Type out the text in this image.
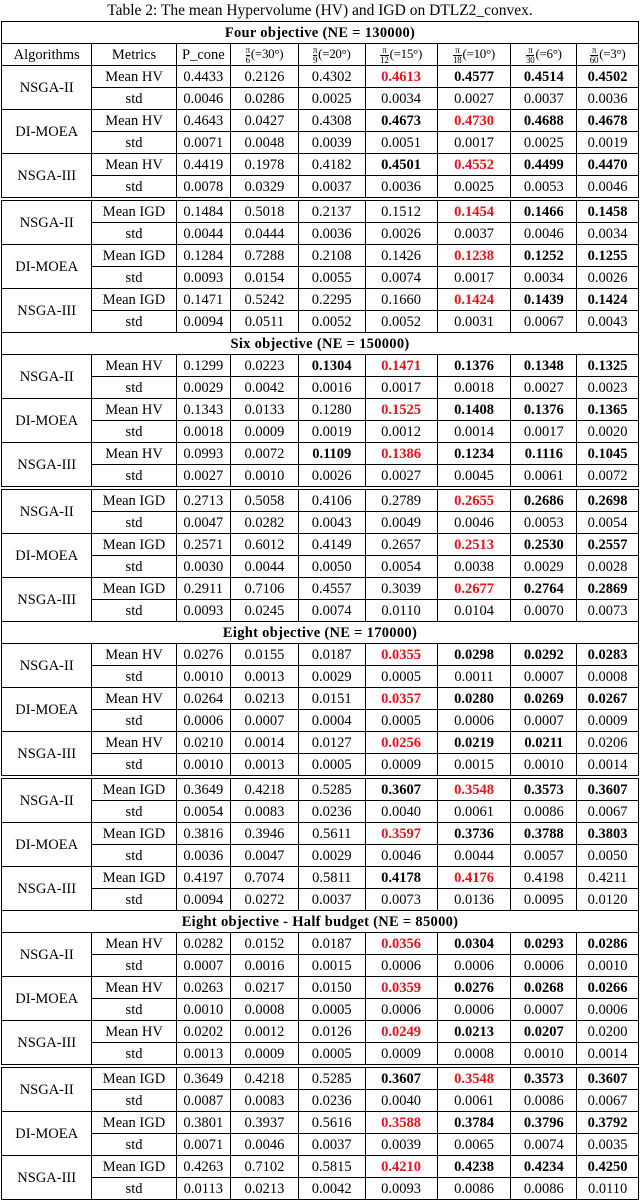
Table 2: The mean Hypervolume (HV) and IGD on DTLZ2_convex.
Four objective (NE = 130000)								
Algorithms	Metrics	P_cone	$\frac{\pi}{6} (=30^\circ)$	$\frac{\pi}{9} (=20^\circ)$	$\frac{\pi}{12} (=15^\circ)$	$\frac{\pi}{18} (=10^\circ)$	$\frac{\pi}{30} (=6^\circ)$	$\frac{\pi}{60} (=3^\circ)$
NSGA-II	Mean HV	0.4433	0.2126	0.4302	0.4613	0.4577	0.4514	0.4502
	std	0.0046	0.0286	0.0025	0.0034	0.0027	0.0037	0.0036
DI-MOEA	Mean HV	0.4643	0.0427	0.4308	0.4673	0.4730	0.4688	0.4678
	std	0.0071	0.0048	0.0039	0.0051	0.0017	0.0025	0.0019
NSGA-III	Mean HV	0.4419	0.1978	0.4182	0.4501	0.4552	0.4499	0.4470
	std	0.0078	0.0329	0.0037	0.0036	0.0025	0.0053	0.0046

NSGA-II	Mean IGD	0.1484	0.5018	0.2137	0.1512	0.1454	0.1466	0.1458
	std	0.0044	0.0444	0.0036	0.0026	0.0037	0.0046	0.0034
DI-MOEA	Mean IGD	0.1284	0.7288	0.2108	0.1426	0.1238	0.1252	0.1255
	std	0.0093	0.0154	0.0055	0.0074	0.0017	0.0034	0.0026
NSGA-III	Mean IGD	0.1471	0.5242	0.2295	0.1660	0.1424	0.1439	0.1424
	std	0.0094	0.0511	0.0052	0.0052	0.0031	0.0067	0.0043
Six objective (NE = 150000)								
NSGA-II	Mean HV	0.1299	0.0223	0.1304	0.1471	0.1376	0.1348	0.1325
	std	0.0029	0.0042	0.0016	0.0017	0.0018	0.0027	0.0023
DI-MOEA	Mean HV	0.1343	0.0133	0.1280	0.1525	0.1408	0.1376	0.1365
	std	0.0018	0.0009	0.0019	0.0012	0.0014	0.0017	0.0020
NSGA-III	Mean HV	0.0993	0.0072	0.1109	0.1386	0.1234	0.1116	0.1045
	std	0.0027	0.0010	0.0026	0.0027	0.0045	0.0061	0.0072

NSGA-II	Mean IGD	0.2713	0.5058	0.4106	0.2789	0.2655	0.2686	0.2698
	std	0.0047	0.0282	0.0043	0.0049	0.0046	0.0053	0.0054
DI-MOEA	Mean IGD	0.2571	0.6012	0.4149	0.2657	0.2513	0.2530	0.2557
	std	0.0030	0.0044	0.0050	0.0054	0.0038	0.0029	0.0028
NSGA-III	Mean IGD	0.2911	0.7106	0.4557	0.3039	0.2677	0.2764	0.2869
	std	0.0093	0.0245	0.0074	0.0110	0.0104	0.0070	0.0073
Eight objective (NE = 170000)								
NSGA-II	Mean HV	0.0276	0.0155	0.0187	0.0355	0.0298	0.0292	0.0283
	std	0.0010	0.0013	0.0029	0.0005	0.0011	0.0007	0.0008
DI-MOEA	Mean HV	0.0264	0.0213	0.0151	0.0357	0.0280	0.0269	0.0267
	std	0.0006	0.0007	0.0004	0.0005	0.0006	0.0007	0.0009
NSGA-III	Mean HV	0.0210	0.0014	0.0127	0.0256	0.0219	0.0211	0.0206
	std	0.0010	0.0013	0.0005	0.0009	0.0015	0.0010	0.0014

NSGA-II	Mean IGD	0.3649	0.4218	0.5285	0.3607	0.3548	0.3573	0.3607
	std	0.0054	0.0083	0.0236	0.0040	0.0061	0.0086	0.0067
DI-MOEA	Mean IGD	0.3816	0.3946	0.5611	0.3597	0.3736	0.3788	0.3803
	std	0.0036	0.0047	0.0029	0.0046	0.0044	0.0057	0.0050
NSGA-III	Mean IGD	0.4197	0.7074	0.5811	0.4178	0.4176	0.4198	0.4211
	std	0.0094	0.0272	0.0037	0.0073	0.0136	0.0095	0.0120
Eight objective - Half budget (NE = 85000)								
NSGA-II	Mean HV	0.0282	0.0152	0.0187	0.0356	0.0304	0.0293	0.0286
	std	0.0007	0.0016	0.0015	0.0006	0.0006	0.0006	0.0010
DI-MOEA	Mean HV	0.0263	0.0217	0.0150	0.0359	0.0276	0.0268	0.0266
	std	0.0010	0.0008	0.0005	0.0006	0.0006	0.0007	0.0006
NSGA-III	Mean HV	0.0202	0.0012	0.0126	0.0249	0.0213	0.0207	0.0200
	std	0.0013	0.0009	0.0005	0.0009	0.0008	0.0010	0.0014

NSGA-II	Mean IGD	0.3649	0.4218	0.5285	0.3607	0.3548	0.3573	0.3607
	std	0.0087	0.0083	0.0236	0.0040	0.0061	0.0086	0.0067
DI-MOEA	Mean IGD	0.3801	0.3937	0.5616	0.3588	0.3784	0.3796	0.3792
	std	0.0071	0.0046	0.0037	0.0039	0.0065	0.0074	0.0035
NSGA-III	Mean IGD	0.4263	0.7102	0.5815	0.4210	0.4238	0.4234	0.4250
	std	0.0113	0.0213	0.0042	0.0093	0.0086	0.0086	0.0110
